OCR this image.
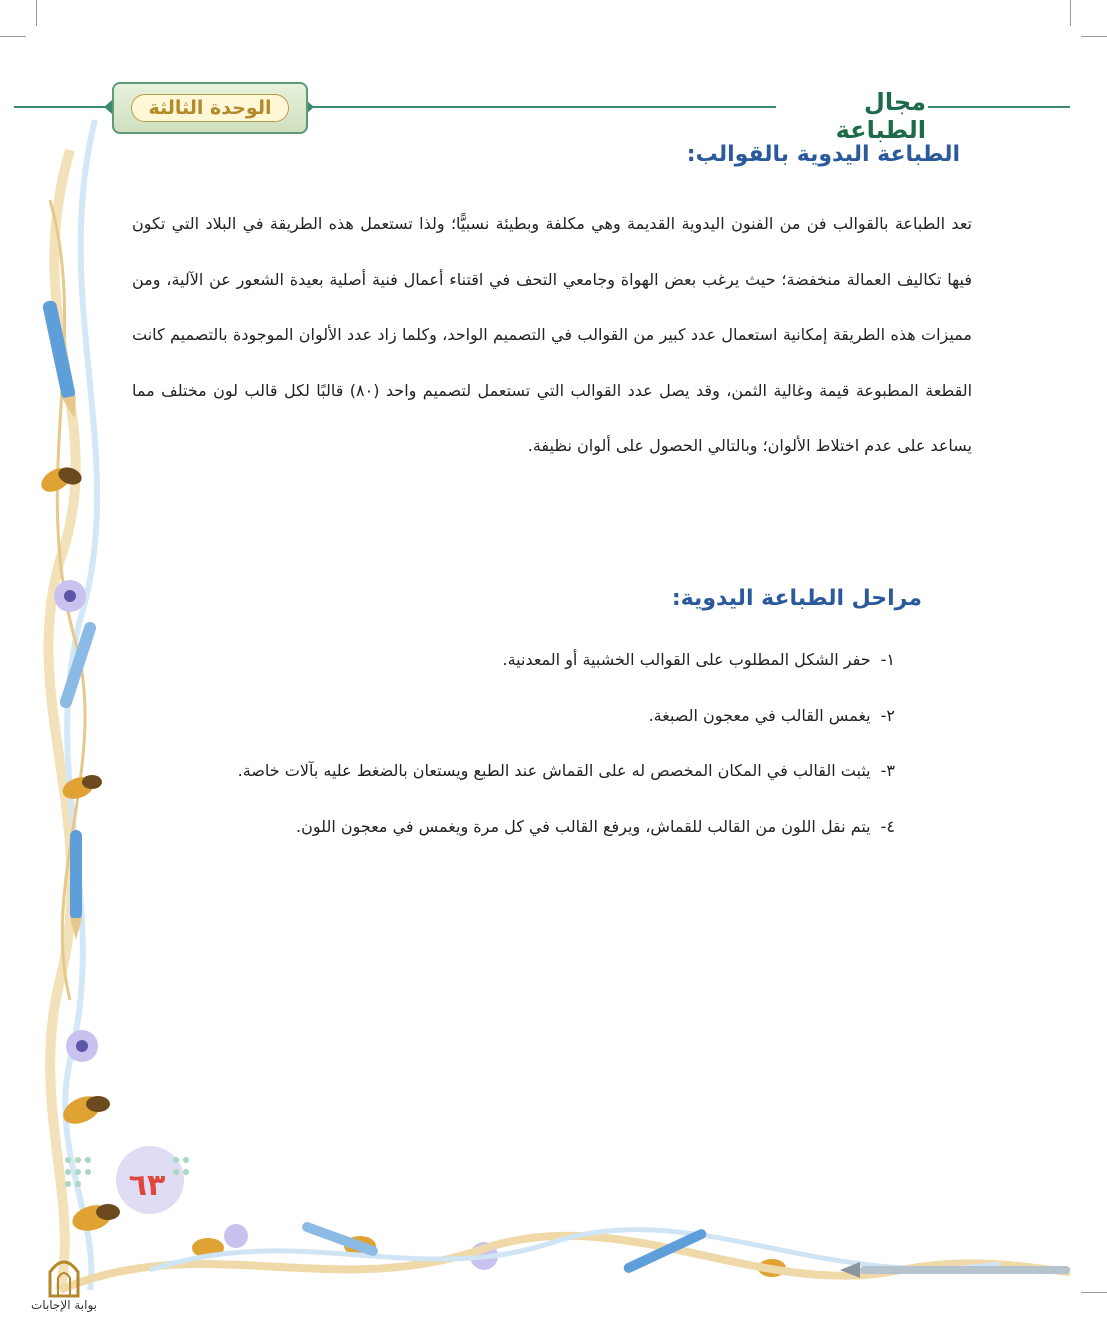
الوحدة الثالثة	مجال الطباعة
الطباعة اليدوية بالقوالب:
تعد الطباعة بالقوالب فن من الفنون اليدوية القديمة وهي مكلفة وبطيئة نسبيًّا؛ ولذا تستعمل هذه الطريقة في البلاد التي تكون فيها تكاليف العمالة منخفضة؛ حيث يرغب بعض الهواة وجامعي التحف في اقتناء أعمال فنية أصلية بعيدة الشعور عن الآلية، ومن مميزات هذه الطريقة إمكانية استعمال عدد كبير من القوالب في التصميم الواحد، وكلما زاد عدد الألوان الموجودة بالتصميم كانت القطعة المطبوعة قيمة وغالية الثمن، وقد يصل عدد القوالب التي تستعمل لتصميم واحد (٨٠) قالبًا لكل قالب لون مختلف مما يساعد على عدم اختلاط الألوان؛ وبالتالي الحصول على ألوان نظيفة.
مراحل الطباعة اليدوية:
١-
حفر الشكل المطلوب على القوالب الخشبية أو المعدنية.
٢-
يغمس القالب في معجون الصبغة.
٣-
يثبت القالب في المكان المخصص له على القماش عند الطبع ويستعان بالضغط عليه بآلات خاصة.
٤-
يتم نقل اللون من القالب للقماش، ويرفع القالب في كل مرة ويغمس في معجون اللون.
٦٣
بوابة الإجابات
